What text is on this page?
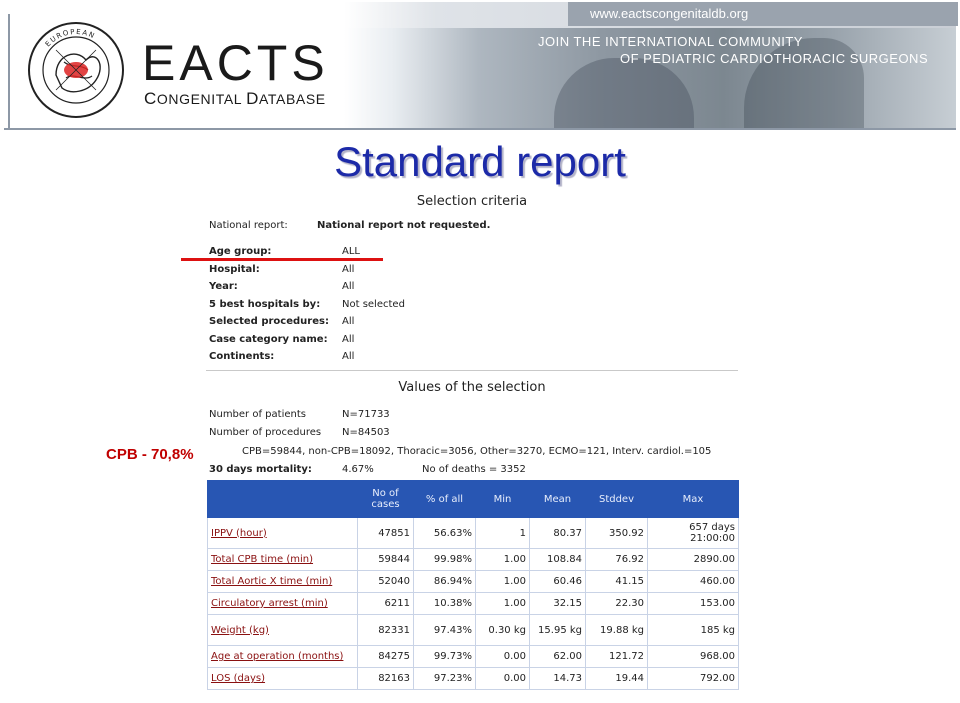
www.eactscongenitaldb.org
JOIN THE INTERNATIONAL COMMUNITY
OF PEDIATRIC CARDIOTHORACIC SURGEONS
EUROPEAN EACTS
CONGENITAL DATABASE
Standard report
CPB - 70,8%
Selection criteria
National report:	National report not requested.
Age group:	ALL
Hospital:	All
Year:	All
5 best hospitals by: Not selected
Selected procedures: All
Case category name: All
Continents:	All
Values of the selection
Number of patients	N=71733
Number of procedures N=84503
CPB=59844, non-CPB=18092, Thoracic=3056, Other=3270, ECMO=121, Interv. cardiol.=105
30 days mortality:	4.67%	No of deaths = 3352
	No of cases	% of all	Min	Mean	Stddev	Max
IPPV (hour)	47851	56.63%	1	80.37	350.92	657 days 21:00:00
Total CPB time (min)	59844	99.98%	1.00	108.84	76.92	2890.00
Total Aortic X time (min)	52040	86.94%	1.00	60.46	41.15	460.00
Circulatory arrest (min)	6211	10.38%	1.00	32.15	22.30	153.00
Weight (kg)	82331	97.43%	0.30 kg	15.95 kg	19.88 kg	185 kg
Age at operation (months)	84275	99.73%	0.00	62.00	121.72	968.00
LOS (days)	82163	97.23%	0.00	14.73	19.44	792.00
